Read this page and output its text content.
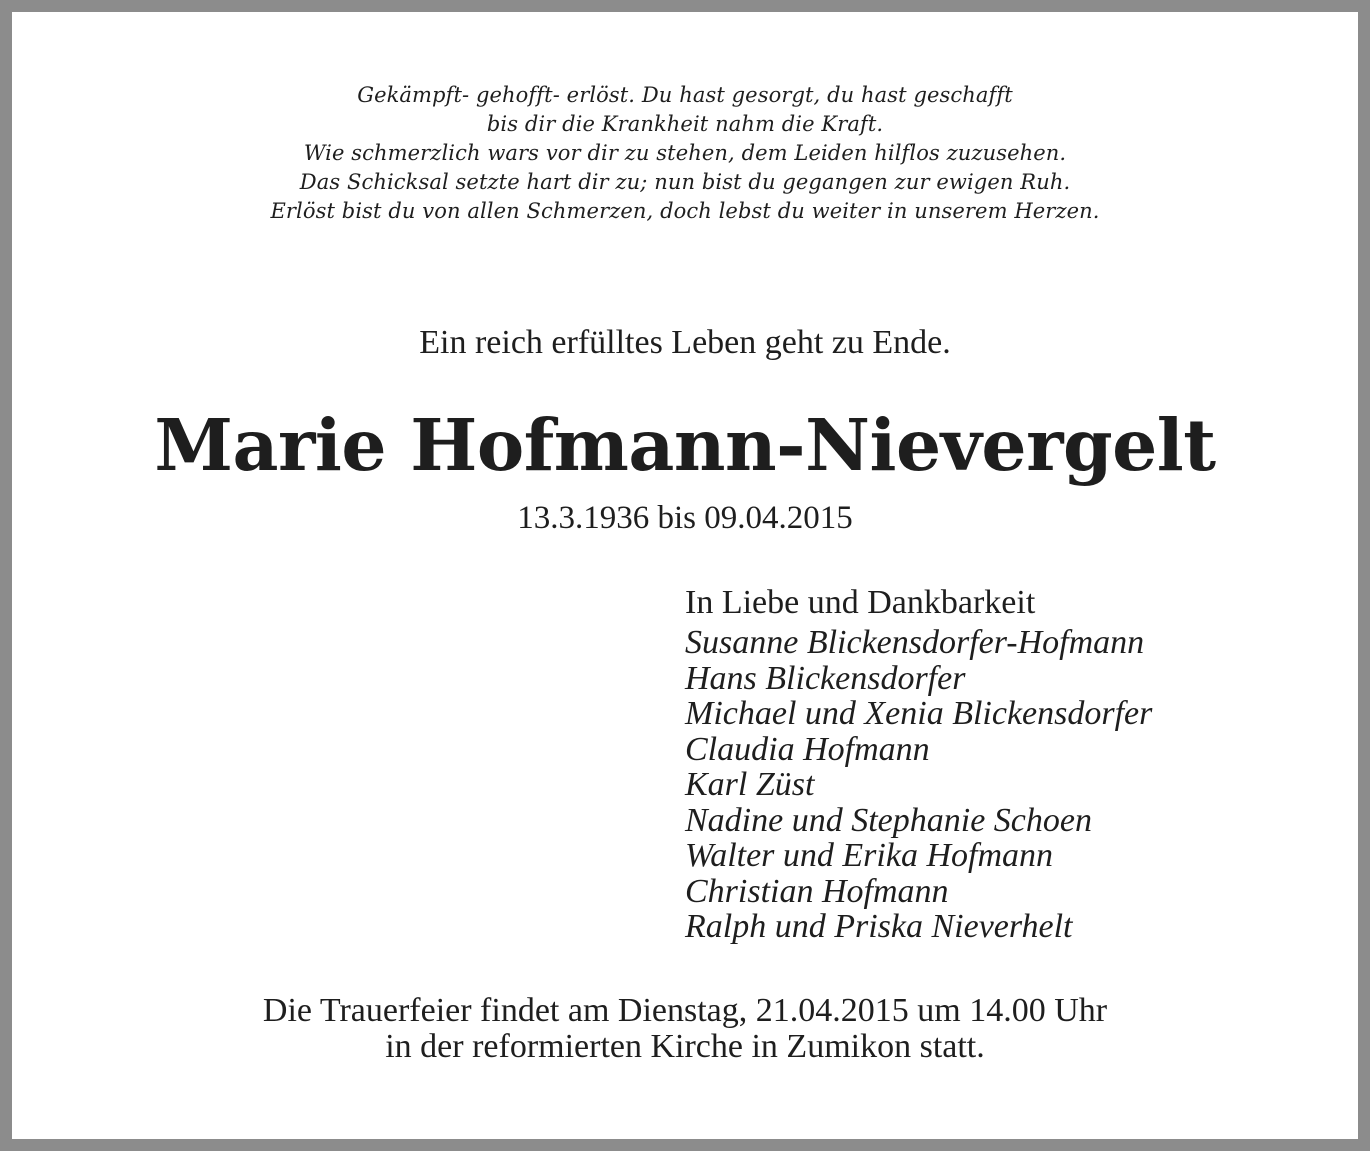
Gekämpft- gehofft- erlöst. Du hast gesorgt, du hast geschafft
bis dir die Krankheit nahm die Kraft.
Wie schmerzlich wars vor dir zu stehen, dem Leiden hilflos zuzusehen.
Das Schicksal setzte hart dir zu; nun bist du gegangen zur ewigen Ruh.
Erlöst bist du von allen Schmerzen, doch lebst du weiter in unserem Herzen.
Ein reich erfülltes Leben geht zu Ende.
Marie Hofmann-Nievergelt
13.3.1936 bis 09.04.2015
In Liebe und Dankbarkeit
Susanne Blickensdorfer-Hofmann
Hans Blickensdorfer
Michael und Xenia Blickensdorfer
Claudia Hofmann
Karl Züst
Nadine und Stephanie Schoen
Walter und Erika Hofmann
Christian Hofmann
Ralph und Priska Nieverhelt
Die Trauerfeier findet am Dienstag, 21.04.2015 um 14.00 Uhr
in der reformierten Kirche in Zumikon statt.
